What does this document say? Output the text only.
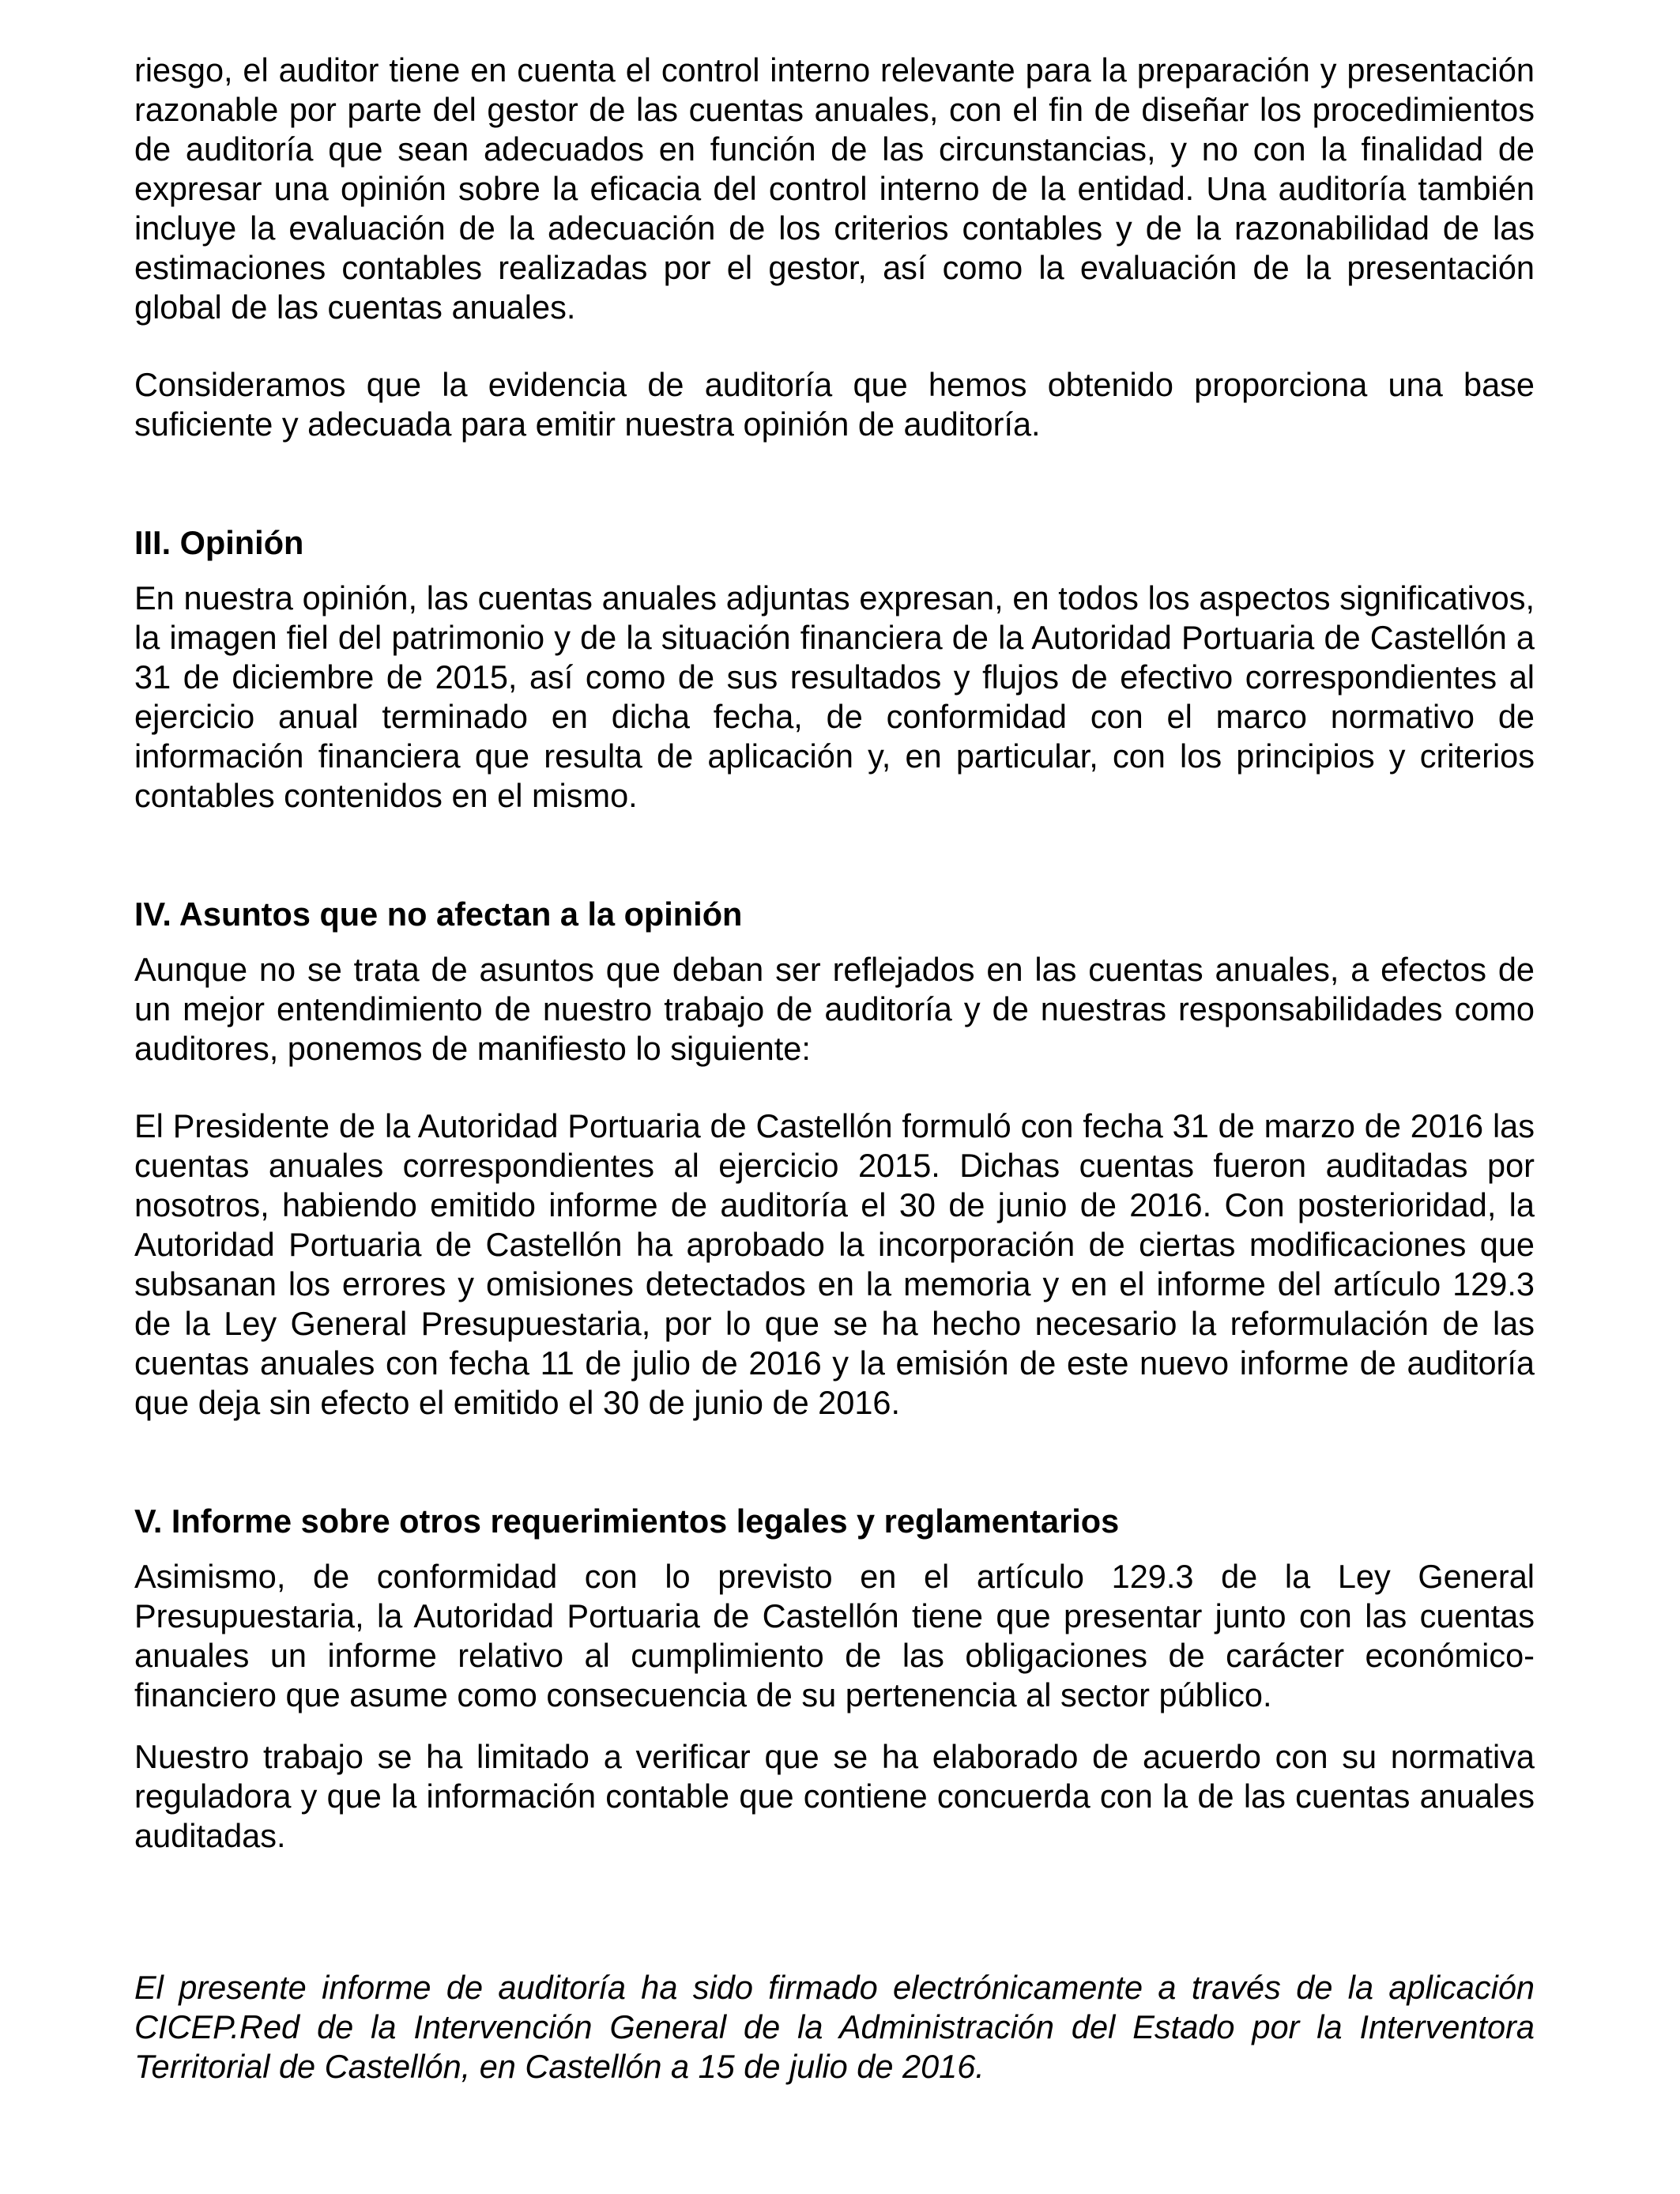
riesgo, el auditor tiene en cuenta el control interno relevante para la preparación y presentación razonable por parte del gestor de las cuentas anuales, con el fin de diseñar los procedimientos de auditoría que sean adecuados en función de las circunstancias, y no con la finalidad de expresar una opinión sobre la eficacia del control interno de la entidad. Una auditoría también incluye la evaluación de la adecuación de los criterios contables y de la razonabilidad de las estimaciones contables realizadas por el gestor, así como la evaluación de la presentación global de las cuentas anuales.

Consideramos que la evidencia de auditoría que hemos obtenido proporciona una base suficiente y adecuada para emitir nuestra opinión de auditoría.

III. Opinión

En nuestra opinión, las cuentas anuales adjuntas expresan, en todos los aspectos significativos, la imagen fiel del patrimonio y de la situación financiera de la Autoridad Portuaria de Castellón a 31 de diciembre de 2015, así como de sus resultados y flujos de efectivo correspondientes al ejercicio anual terminado en dicha fecha, de conformidad con el marco normativo de información financiera que resulta de aplicación y, en particular, con los principios y criterios contables contenidos en el mismo.

IV. Asuntos que no afectan a la opinión

Aunque no se trata de asuntos que deban ser reflejados en las cuentas anuales, a efectos de un mejor entendimiento de nuestro trabajo de auditoría y de nuestras responsabilidades como auditores, ponemos de manifiesto lo siguiente:

El Presidente de la Autoridad Portuaria de Castellón formuló con fecha 31 de marzo de 2016 las cuentas anuales correspondientes al ejercicio 2015. Dichas cuentas fueron auditadas por nosotros, habiendo emitido informe de auditoría el 30 de junio de 2016. Con posterioridad, la Autoridad Portuaria de Castellón ha aprobado la incorporación de ciertas modificaciones que subsanan los errores y omisiones detectados en la memoria y en el informe del artículo 129.3 de la Ley General Presupuestaria, por lo que se ha hecho necesario la reformulación de las cuentas anuales con fecha 11 de julio de 2016 y la emisión de este nuevo informe de auditoría que deja sin efecto el emitido el 30 de junio de 2016.

V. Informe sobre otros requerimientos legales y reglamentarios

Asimismo, de conformidad con lo previsto en el artículo 129.3 de la Ley General Presupuestaria, la Autoridad Portuaria de Castellón tiene que presentar junto con las cuentas anuales un informe relativo al cumplimiento de las obligaciones de carácter económico-financiero que asume como consecuencia de su pertenencia al sector público.

Nuestro trabajo se ha limitado a verificar que se ha elaborado de acuerdo con su normativa reguladora y que la información contable que contiene concuerda con la de las cuentas anuales auditadas.

El presente informe de auditoría ha sido firmado electrónicamente a través de la aplicación CICEP.Red de la Intervención General de la Administración del Estado por la Interventora Territorial de Castellón, en Castellón a 15 de julio de 2016.
